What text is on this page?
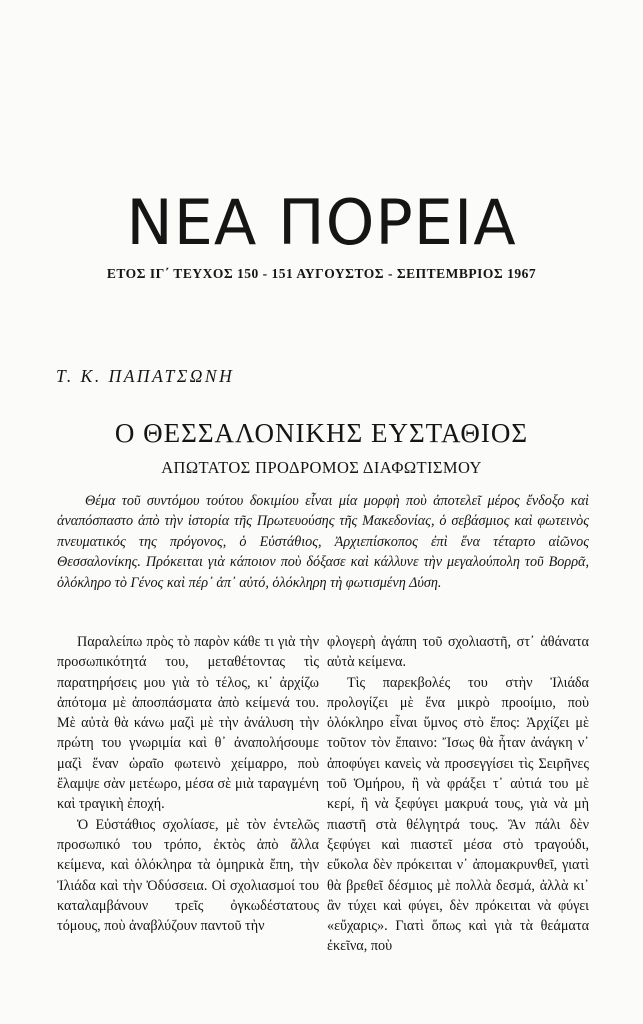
ΝΕΑ ΠΟΡΕΙΑ
ΕΤΟΣ ΙΓ΄ ΤΕΥΧΟΣ 150 - 151 ΑΥΓΟΥΣΤΟΣ - ΣΕΠΤΕΜΒΡΙΟΣ 1967
Τ. Κ. ΠΑΠΑΤΣΩΝΗ
Ο ΘΕΣΣΑΛΟΝΙΚΗΣ ΕΥΣΤΑΘΙΟΣ
ΑΠΩΤΑΤΟΣ ΠΡΟΔΡΟΜΟΣ ΔΙΑΦΩΤΙΣΜΟΥ

Θέμα τοῦ συντόμου τούτου δοκιμίου εἶναι μία μορφὴ ποὺ ἀποτελεῖ μέρος ἔνδοξο καὶ ἀναπόσπαστο ἀπὸ τὴν ἱστορία τῆς Πρωτευούσης τῆς Μακεδονίας, ὁ σεβάσμιος καὶ φωτεινὸς πνευματικός της πρόγονος, ὁ Εὐστάθιος, Ἀρχιεπίσκοπος ἐπὶ ἕνα τέταρτο αἰῶνος Θεσσαλονίκης. Πρόκειται γιὰ κάποιον ποὺ δόξασε καὶ κάλλυνε τὴν μεγαλούπολη τοῦ Βορρᾶ, ὁλόκληρο τὸ Γένος καὶ πέρ᾽ ἀπ᾽ αὐτό, ὁλόκληρη τὴ φωτισμένη Δύση.

Παραλείπω πρὸς τὸ παρὸν κάθε τι γιὰ τὴν προσωπικότητά του, μεταθέτοντας τὶς παρατηρήσεις μου γιὰ τὸ τέλος, κι᾽ ἀρχίζω ἀπότομα μὲ ἀποσπάσματα ἀπὸ κείμενά του. Μὲ αὐτὰ θὰ κάνω μαζὶ μὲ τὴν ἀνάλυση τὴν πρώτη του γνωριμία καὶ θ᾽ ἀναπολήσουμε μαζὶ ἕναν ὡραῖο φωτεινὸ χείμαρρο, ποὺ ἔλαμψε σὰν μετέωρο, μέσα σὲ μιὰ ταραγμένη καὶ τραγικὴ ἐποχή.

Ὁ Εὐστάθιος σχολίασε, μὲ τὸν ἐντελῶς προσωπικό του τρόπο, ἐκτὸς ἀπὸ ἄλλα κείμενα, καὶ ὁλόκληρα τὰ ὁμηρικὰ ἔπη, τὴν Ἰλιάδα καὶ τὴν Ὀδύσσεια. Οἱ σχολιασμοί του καταλαμβάνουν τρεῖς ὀγκωδέστατους τόμους, ποὺ ἀναβλύζουν παντοῦ τὴν

φλογερὴ ἀγάπη τοῦ σχολιαστῆ, στ᾽ ἀθάνατα αὐτὰ κείμενα.

Τὶς παρεκβολές του στὴν Ἰλιάδα προλογίζει μὲ ἕνα μικρὸ προοίμιο, ποὺ ὁλόκληρο εἶναι ὕμνος στὸ ἔπος: Ἀρχίζει μὲ τοῦτον τὸν ἔπαινο: Ἴσως θὰ ἦταν ἀνάγκη ν᾽ ἀποφύγει κανεὶς νὰ προσεγγίσει τὶς Σειρῆνες τοῦ Ὁμήρου, ἢ νὰ φράξει τ᾽ αὐτιά του μὲ κερί, ἢ νὰ ξεφύγει μακρυά τους, γιὰ νὰ μὴ πιαστῆ στὰ θέλγητρά τους. Ἂν πάλι δὲν ξεφύγει καὶ πιαστεῖ μέσα στὸ τραγούδι, εὔκολα δὲν πρόκειται ν᾽ ἀπομακρυνθεῖ, γιατὶ θὰ βρεθεῖ δέσμιος μὲ πολλὰ δεσμά, ἀλλὰ κι᾽ ἂν τύχει καὶ φύγει, δὲν πρόκειται νὰ φύγει «εὔχαρις». Γιατὶ ὅπως καὶ γιὰ τὰ θεάματα ἐκεῖνα, ποὺ
